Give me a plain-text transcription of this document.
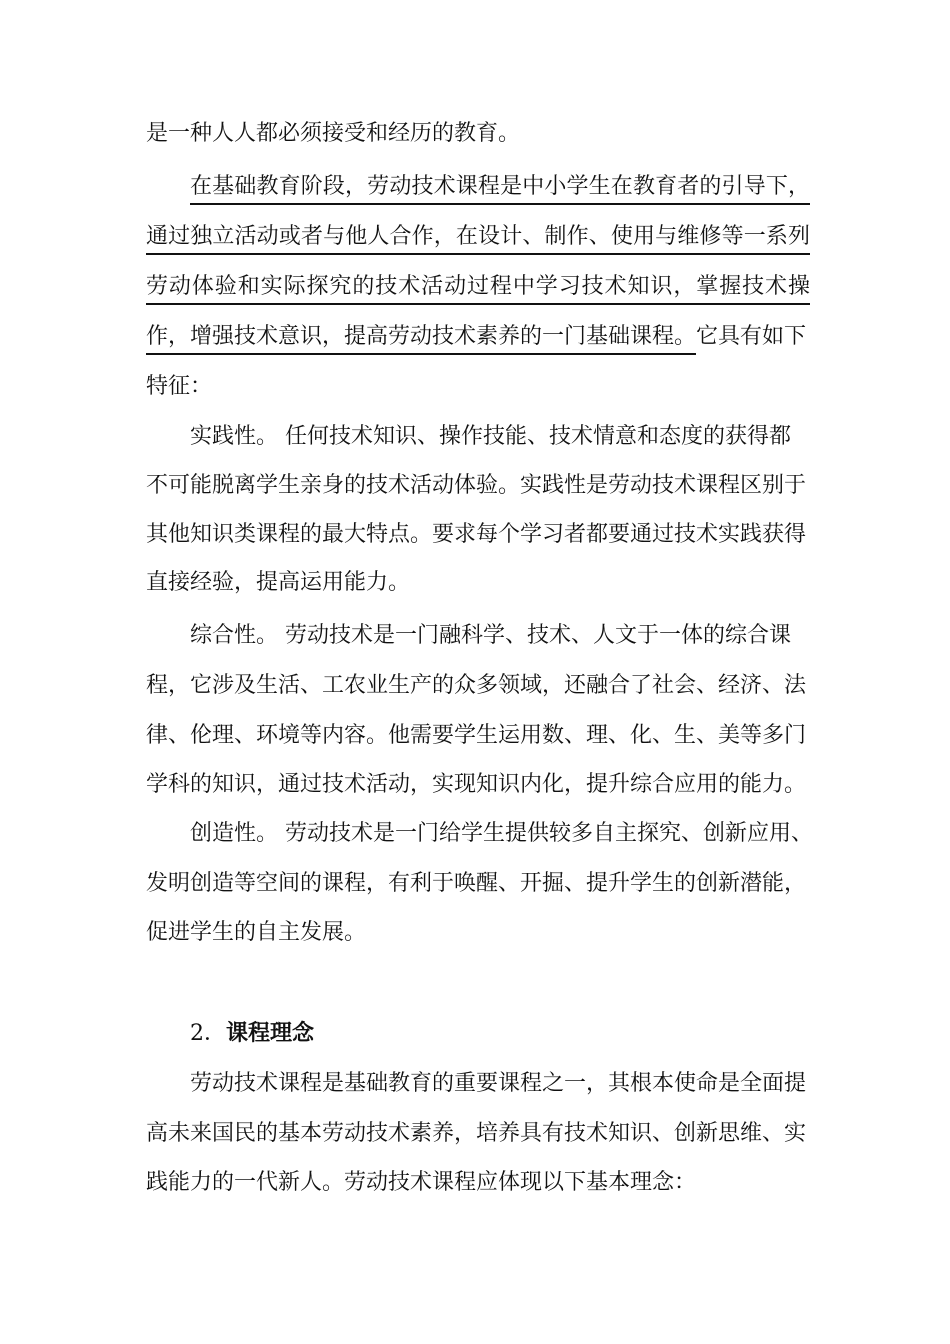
是一种人人都必须接受和经历的教育。
在基础教育阶段，劳动技术课程是中小学生在教育者的引导下，
通过独立活动或者与他人合作，在设计、制作、使用与维修等一系列
劳动体验和实际探究的技术活动过程中学习技术知识，掌握技术操
作，增强技术意识，提高劳动技术素养的一门基础课程。它具有如下
特征：
实践性。 任何技术知识、操作技能、技术情意和态度的获得都
不可能脱离学生亲身的技术活动体验。实践性是劳动技术课程区别于
其他知识类课程的最大特点。要求每个学习者都要通过技术实践获得
直接经验，提高运用能力。
综合性。 劳动技术是一门融科学、技术、人文于一体的综合课
程，它涉及生活、工农业生产的众多领域，还融合了社会、经济、法
律、伦理、环境等内容。他需要学生运用数、理、化、生、美等多门
学科的知识，通过技术活动，实现知识内化，提升综合应用的能力。
创造性。 劳动技术是一门给学生提供较多自主探究、创新应用、
发明创造等空间的课程，有利于唤醒、开掘、提升学生的创新潜能，
促进学生的自主发展。
2．课程理念
劳动技术课程是基础教育的重要课程之一，其根本使命是全面提
高未来国民的基本劳动技术素养，培养具有技术知识、创新思维、实
践能力的一代新人。劳动技术课程应体现以下基本理念：
